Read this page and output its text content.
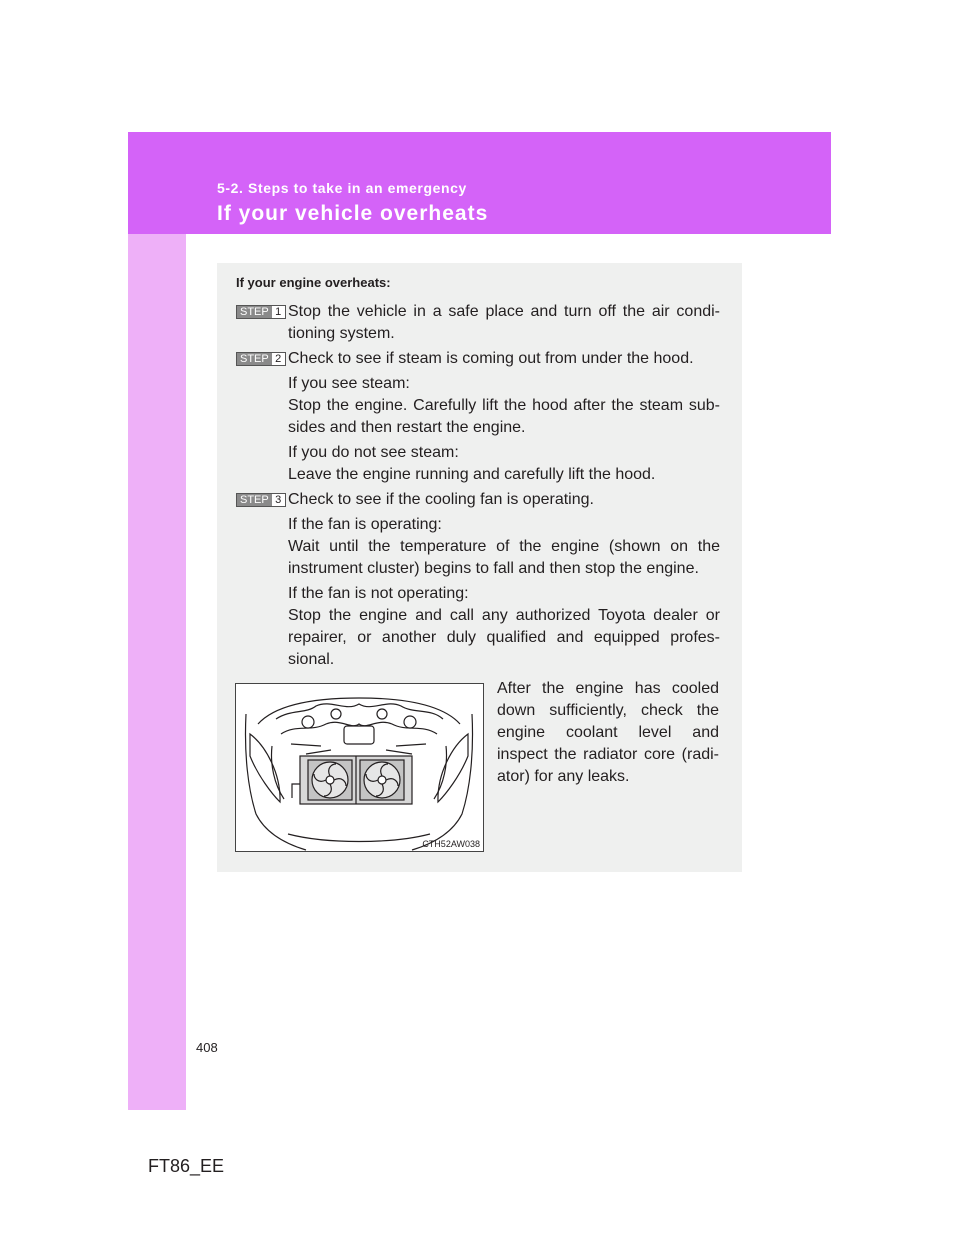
5-2. Steps to take in an emergency
If your vehicle overheats
If your engine overheats:
STEP 1 Stop the vehicle in a safe place and turn off the air condi-tioning system.
STEP 2 Check to see if steam is coming out from under the hood.
If you see steam:
Stop the engine. Carefully lift the hood after the steam sub-sides and then restart the engine.
If you do not see steam:
Leave the engine running and carefully lift the hood.
STEP 3 Check to see if the cooling fan is operating.
If the fan is operating:
Wait until the temperature of the engine (shown on the instrument cluster) begins to fall and then stop the engine.
If the fan is not operating:
Stop the engine and call any authorized Toyota dealer or repairer, or another duly qualified and equipped profes-sional.
CTH52AW038
After the engine has cooled down sufficiently, check the engine coolant level and inspect the radiator core (radi-ator) for any leaks.
408
FT86_EE
